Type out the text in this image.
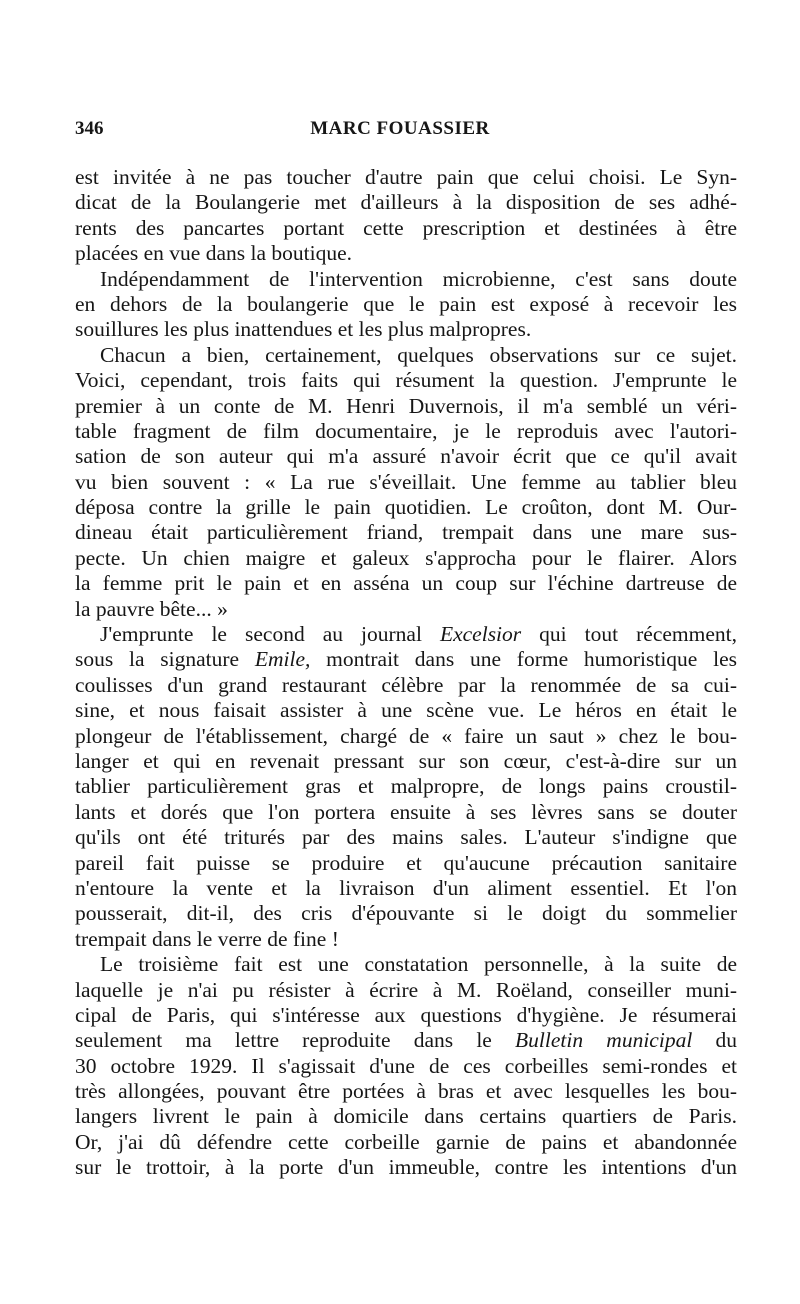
346	MARC FOUASSIER
est invitée à ne pas toucher d'autre pain que celui choisi. Le Syn-
dicat de la Boulangerie met d'ailleurs à la disposition de ses adhé-
rents des pancartes portant cette prescription et destinées à être
placées en vue dans la boutique.
Indépendamment de l'intervention microbienne, c'est sans doute
en dehors de la boulangerie que le pain est exposé à recevoir les
souillures les plus inattendues et les plus malpropres.
Chacun a bien, certainement, quelques observations sur ce sujet.
Voici, cependant, trois faits qui résument la question. J'emprunte le
premier à un conte de M. Henri Duvernois, il m'a semblé un véri-
table fragment de film documentaire, je le reproduis avec l'autori-
sation de son auteur qui m'a assuré n'avoir écrit que ce qu'il avait
vu bien souvent : « La rue s'éveillait. Une femme au tablier bleu
déposa contre la grille le pain quotidien. Le croûton, dont M. Our-
dineau était particulièrement friand, trempait dans une mare sus-
pecte. Un chien maigre et galeux s'approcha pour le flairer. Alors
la femme prit le pain et en asséna un coup sur l'échine dartreuse de
la pauvre bête... »
J'emprunte le second au journal Excelsior qui tout récemment,
sous la signature Emile, montrait dans une forme humoristique les
coulisses d'un grand restaurant célèbre par la renommée de sa cui-
sine, et nous faisait assister à une scène vue. Le héros en était le
plongeur de l'établissement, chargé de « faire un saut » chez le bou-
langer et qui en revenait pressant sur son cœur, c'est-à-dire sur un
tablier particulièrement gras et malpropre, de longs pains croustil-
lants et dorés que l'on portera ensuite à ses lèvres sans se douter
qu'ils ont été triturés par des mains sales. L'auteur s'indigne que
pareil fait puisse se produire et qu'aucune précaution sanitaire
n'entoure la vente et la livraison d'un aliment essentiel. Et l'on
pousserait, dit-il, des cris d'épouvante si le doigt du sommelier
trempait dans le verre de fine !
Le troisième fait est une constatation personnelle, à la suite de
laquelle je n'ai pu résister à écrire à M. Roëland, conseiller muni-
cipal de Paris, qui s'intéresse aux questions d'hygiène. Je résumerai
seulement ma lettre reproduite dans le Bulletin municipal du
30 octobre 1929. Il s'agissait d'une de ces corbeilles semi-rondes et
très allongées, pouvant être portées à bras et avec lesquelles les bou-
langers livrent le pain à domicile dans certains quartiers de Paris.
Or, j'ai dû défendre cette corbeille garnie de pains et abandonnée
sur le trottoir, à la porte d'un immeuble, contre les intentions d'un
